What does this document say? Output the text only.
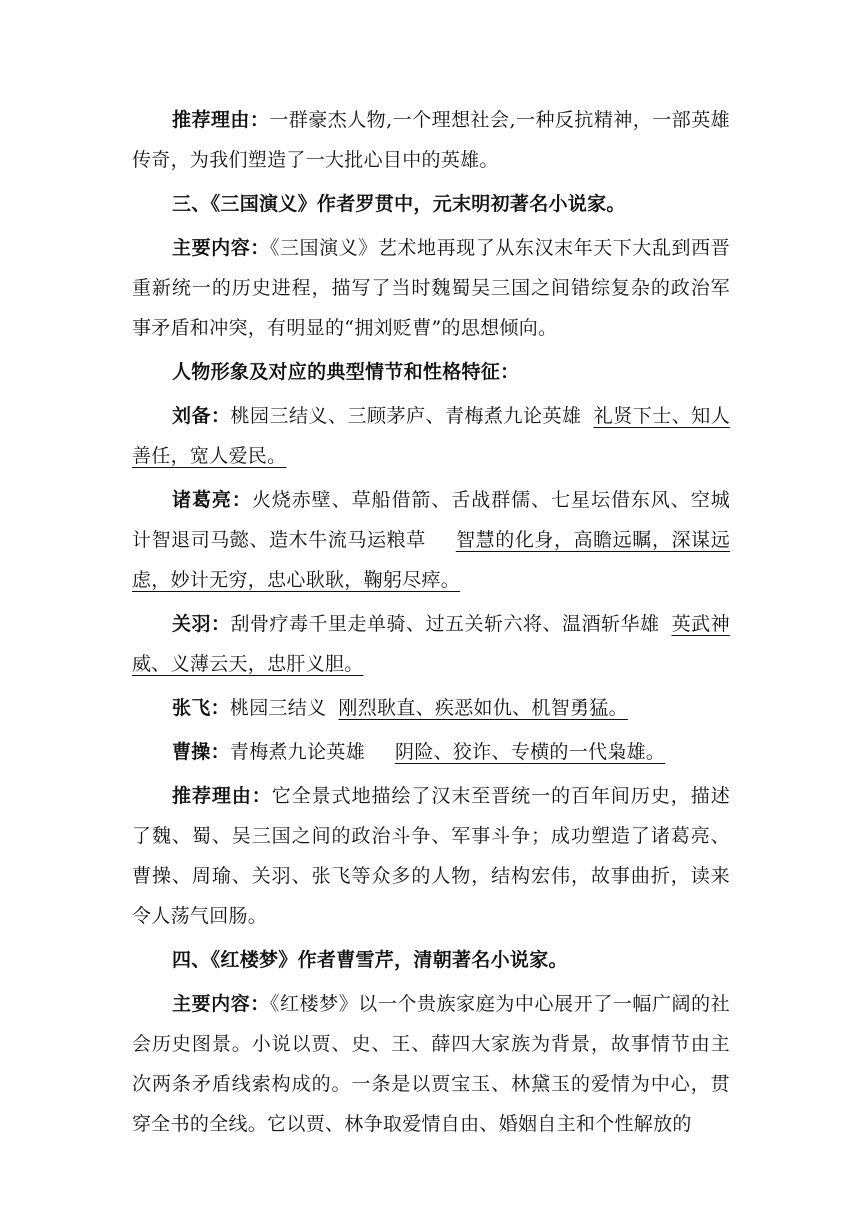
推荐理由：一群豪杰人物,一个理想社会,一种反抗精神，一部英雄传奇，为我们塑造了一大批心目中的英雄。

三、《三国演义》作者罗贯中，元末明初著名小说家。

主要内容：《三国演义》艺术地再现了从东汉末年天下大乱到西晋重新统一的历史进程，描写了当时魏蜀吴三国之间错综复杂的政治军事矛盾和冲突，有明显的“拥刘贬曹”的思想倾向。

人物形象及对应的典型情节和性格特征：

刘备：桃园三结义、三顾茅庐、青梅煮九论英雄 礼贤下士、知人善任，宽人爱民。

诸葛亮：火烧赤壁、草船借箭、舌战群儒、七星坛借东风、空城计智退司马懿、造木牛流马运粮草 智慧的化身，高瞻远瞩，深谋远虑，妙计无穷，忠心耿耿，鞠躬尽瘁。

关羽：刮骨疗毒千里走单骑、过五关斩六将、温酒斩华雄 英武神威、义薄云天，忠肝义胆。

张飞：桃园三结义 刚烈耿直、疾恶如仇、机智勇猛。

曹操：青梅煮九论英雄 阴险、狡诈、专横的一代枭雄。

推荐理由：它全景式地描绘了汉末至晋统一的百年间历史，描述了魏、蜀、吴三国之间的政治斗争、军事斗争；成功塑造了诸葛亮、曹操、周瑜、关羽、张飞等众多的人物，结构宏伟，故事曲折，读来令人荡气回肠。

四、《红楼梦》作者曹雪芹，清朝著名小说家。

主要内容：《红楼梦》以一个贵族家庭为中心展开了一幅广阔的社会历史图景。小说以贾、史、王、薛四大家族为背景，故事情节由主次两条矛盾线索构成的。一条是以贾宝玉、林黛玉的爱情为中心，贯穿全书的全线。它以贾、林争取爱情自由、婚姻自主和个性解放的
